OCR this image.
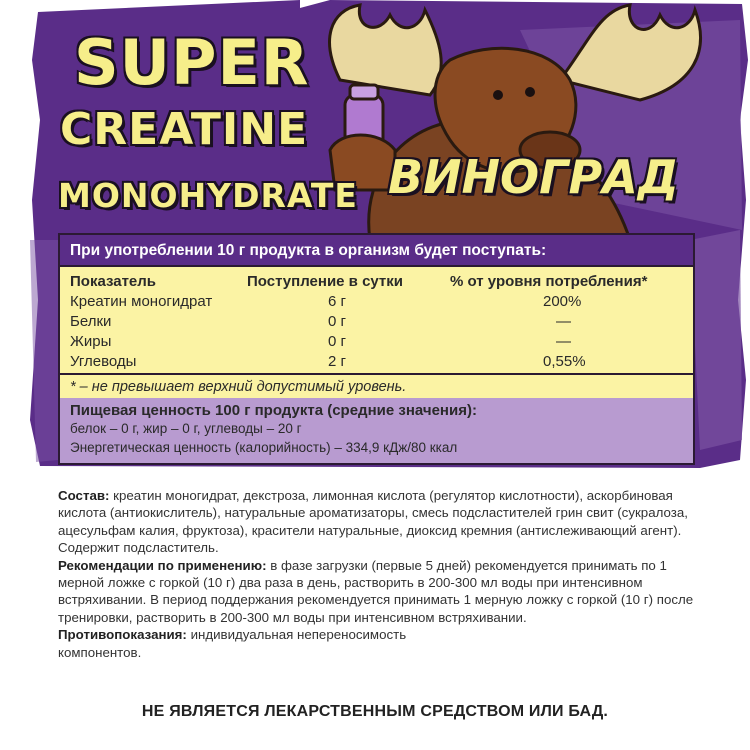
SUPER
CREATINE
MONOHYDRATE ВИНОГРАД
При употреблении 10 г продукта в организм будет поступать:
Показатель	Поступление в сутки	% от уровня потребления*
Креатин моногидрат	6 г	200%
Белки	0 г	—
Жиры	0 г	—
Углеводы	2 г	0,55%
* – не превышает верхний допустимый уровень.
Пищевая ценность 100 г продукта (средние значения):
белок – 0 г, жир – 0 г, углеводы – 20 г
Энергетическая ценность (калорийность) – 334,9 кДж/80 ккал
Состав: креатин моногидрат, декстроза, лимонная кислота (регулятор кислотности), аскорбиновая кислота (антиокислитель), натуральные ароматизаторы, смесь подсластителей грин свит (сукралоза, ацесульфам калия, фруктоза), красители натуральные, диоксид кремния (антислеживающий агент). Содержит подсластитель.
Рекомендации по применению: в фазе загрузки (первые 5 дней) рекомендуется принимать по 1 мерной ложке с горкой (10 г) два раза в день, растворить в 200-300 мл воды при интенсивном встряхивании. В период поддержания рекомендуется принимать 1 мерную ложку с горкой (10 г) после тренировки, растворить в 200-300 мл воды при интенсивном встряхивании.
Противопоказания: индивидуальная непереносимость компонентов.
НЕ ЯВЛЯЕТСЯ ЛЕКАРСТВЕННЫМ СРЕДСТВОМ ИЛИ БАД.
